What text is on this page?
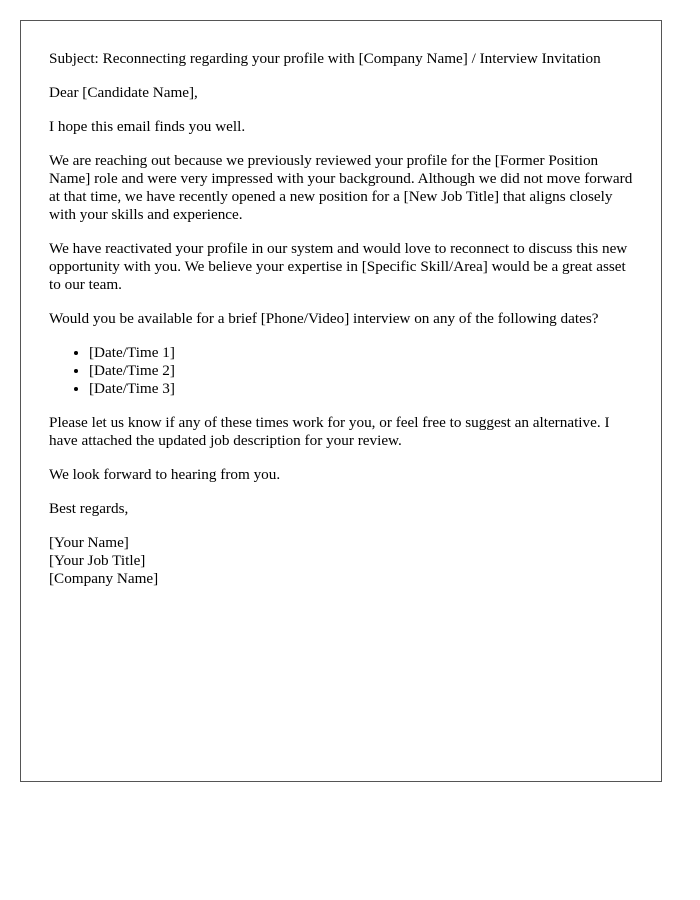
Subject: Reconnecting regarding your profile with [Company Name] / Interview Invitation

Dear [Candidate Name],

I hope this email finds you well.

We are reaching out because we previously reviewed your profile for the [Former Position Name] role and were very impressed with your background. Although we did not move forward at that time, we have recently opened a new position for a [New Job Title] that aligns closely with your skills and experience.

We have reactivated your profile in our system and would love to reconnect to discuss this new opportunity with you. We believe your expertise in [Specific Skill/Area] would be a great asset to our team.

Would you be available for a brief [Phone/Video] interview on any of the following dates?

• [Date/Time 1]
• [Date/Time 2]
• [Date/Time 3]

Please let us know if any of these times work for you, or feel free to suggest an alternative. I have attached the updated job description for your review.

We look forward to hearing from you.

Best regards,

[Your Name]
[Your Job Title]
[Company Name]
